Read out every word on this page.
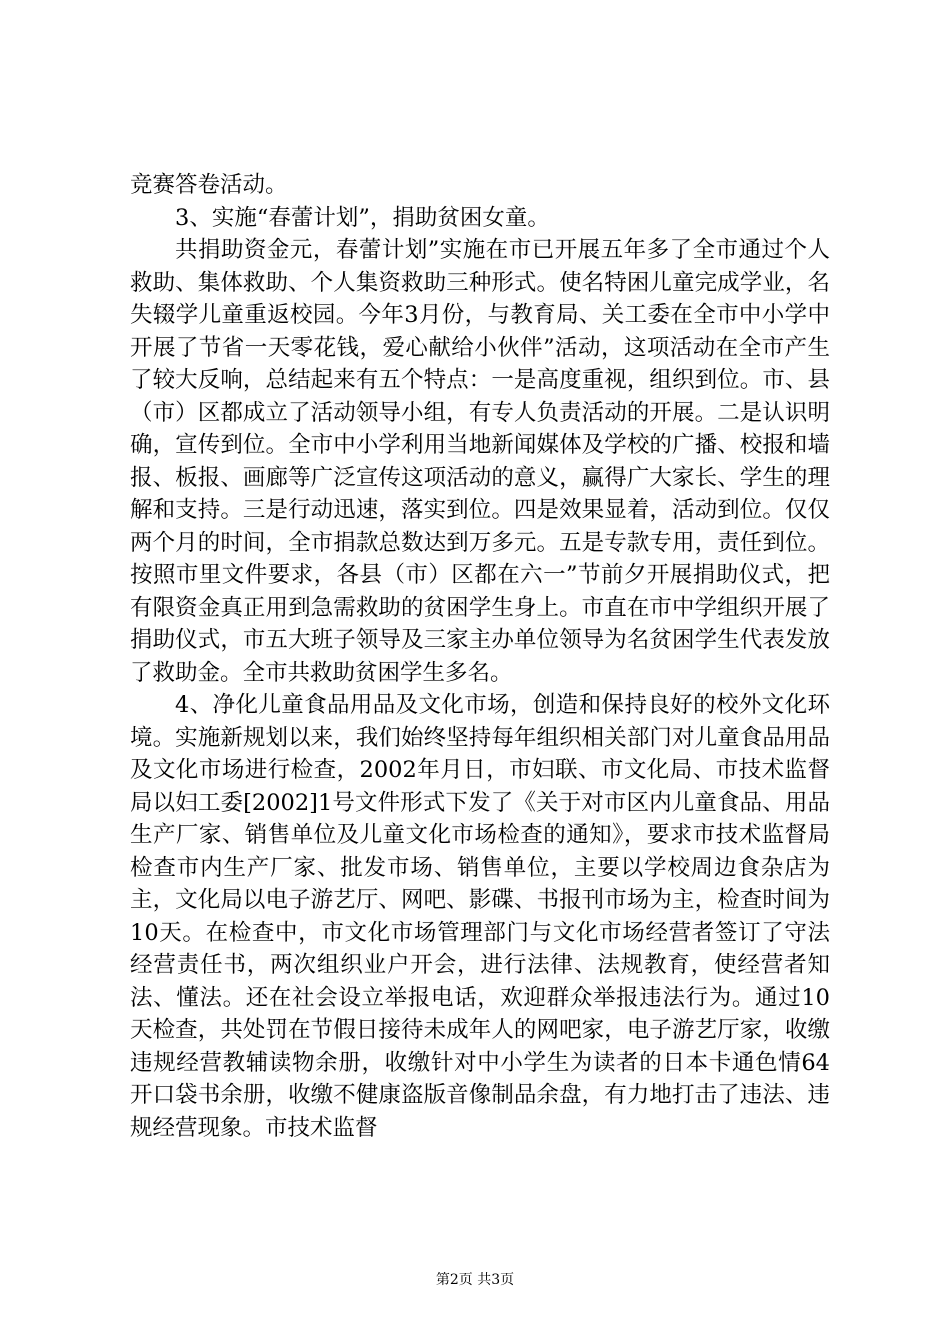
竞赛答卷活动。

3、实施“春蕾计划”，捐助贫困女童。

共捐助资金元，春蕾计划”实施在市已开展五年多了全市通过个人救助、集体救助、个人集资救助三种形式。使名特困儿童完成学业，名失辍学儿童重返校园。今年3月份，与教育局、关工委在全市中小学中开展了节省一天零花钱，爱心献给小伙伴”活动，这项活动在全市产生了较大反响，总结起来有五个特点：一是高度重视，组织到位。市、县（市）区都成立了活动领导小组，有专人负责活动的开展。二是认识明确，宣传到位。全市中小学利用当地新闻媒体及学校的广播、校报和墙报、板报、画廊等广泛宣传这项活动的意义，赢得广大家长、学生的理解和支持。三是行动迅速，落实到位。四是效果显着，活动到位。仅仅两个月的时间，全市捐款总数达到万多元。五是专款专用，责任到位。按照市里文件要求，各县（市）区都在六一”节前夕开展捐助仪式，把有限资金真正用到急需救助的贫困学生身上。市直在市中学组织开展了捐助仪式，市五大班子领导及三家主办单位领导为名贫困学生代表发放了救助金。全市共救助贫困学生多名。

4、净化儿童食品用品及文化市场，创造和保持良好的校外文化环境。实施新规划以来，我们始终坚持每年组织相关部门对儿童食品用品及文化市场进行检查，2002年月日，市妇联、市文化局、市技术监督局以妇工委[2002]1号文件形式下发了《关于对市区内儿童食品、用品生产厂家、销售单位及儿童文化市场检查的通知》，要求市技术监督局检查市内生产厂家、批发市场、销售单位，主要以学校周边食杂店为主，文化局以电子游艺厅、网吧、影碟、书报刊市场为主，检查时间为10天。在检查中，市文化市场管理部门与文化市场经营者签订了守法经营责任书，两次组织业户开会，进行法律、法规教育，使经营者知法、懂法。还在社会设立举报电话，欢迎群众举报违法行为。通过10天检查，共处罚在节假日接待未成年人的网吧家，电子游艺厅家，收缴违规经营教辅读物余册，收缴针对中小学生为读者的日本卡通色情64开口袋书余册，收缴不健康盗版音像制品余盘，有力地打击了违法、违规经营现象。市技术监督

第2页 共3页
